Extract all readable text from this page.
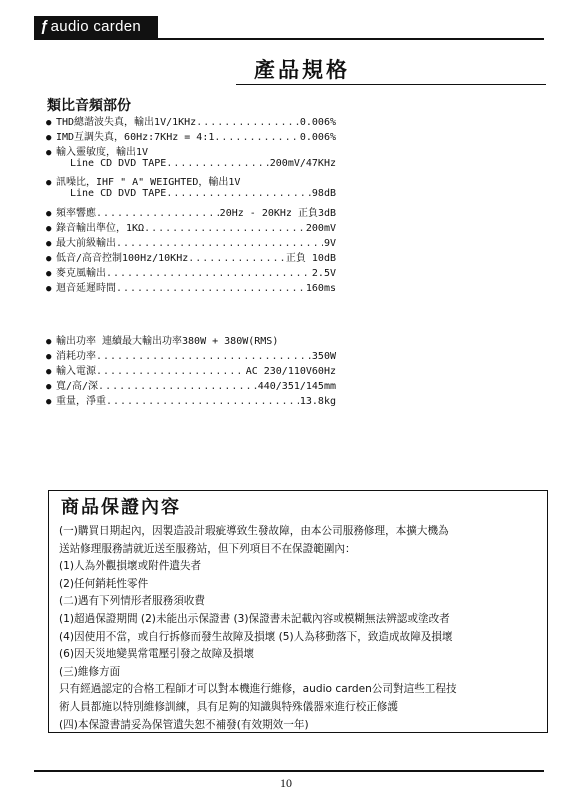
ƒ audio carden
產品規格
類比音頻部份
● THD總諧波失真，輸出1V/1KHz .....	0.006%
● IMD互調失真，60Hz:7KHz = 4:1 .....	0.006%
● 輸入靈敏度，輸出1V
Line CD DVD TAPE .....	200mV/47KHz
● 訊噪比，IHF " A" WEIGHTED，輸出1V
Line CD DVD TAPE .....	98dB
● 頻率響應 .....	20Hz - 20KHz 正負3dB
● 錄音輸出準位，1KΩ .....	200mV
● 最大前級輸出 .....	9V
● 低音/高音控制100Hz/10KHz .....	正負 10dB
● 麥克風輸出 .....	2.5V
● 迴音延遲時間 .....	160ms
● 輸出功率 連續最大輸出功率380W + 380W(RMS)
● 消耗功率 .....	350W
● 輸入電源 .....	AC 230/110V60Hz
● 寬/高/深 .....	440/351/145mm
● 重量，淨重 .....	13.8kg
商品保證內容
(一)購買日期起內，因製造設計瑕疵導致生發故障，由本公司服務修理，本擴大機為
送站修理服務請就近送至服務站，但下列項目不在保證範圍內：
(1)人為外觀損壞或附件遺失者
(2)任何銷耗性零件
(二)遇有下列情形者服務須收費
(1)超過保證期間 (2)未能出示保證書 (3)保證書未記載內容或模糊無法辨認或塗改者
(4)因使用不當，或自行拆修而發生故障及損壞 (5)人為移動落下，致造成故障及損壞
(6)因天災地變異常電壓引發之故障及損壞
(三)維修方面
只有經過認定的合格工程師才可以對本機進行維修，audio carden公司對這些工程技
術人員都施以特別維修訓練，具有足夠的知識與特殊儀器來進行校正修護
(四)本保證書請妥為保管遺失恕不補發(有效期效一年)
10
